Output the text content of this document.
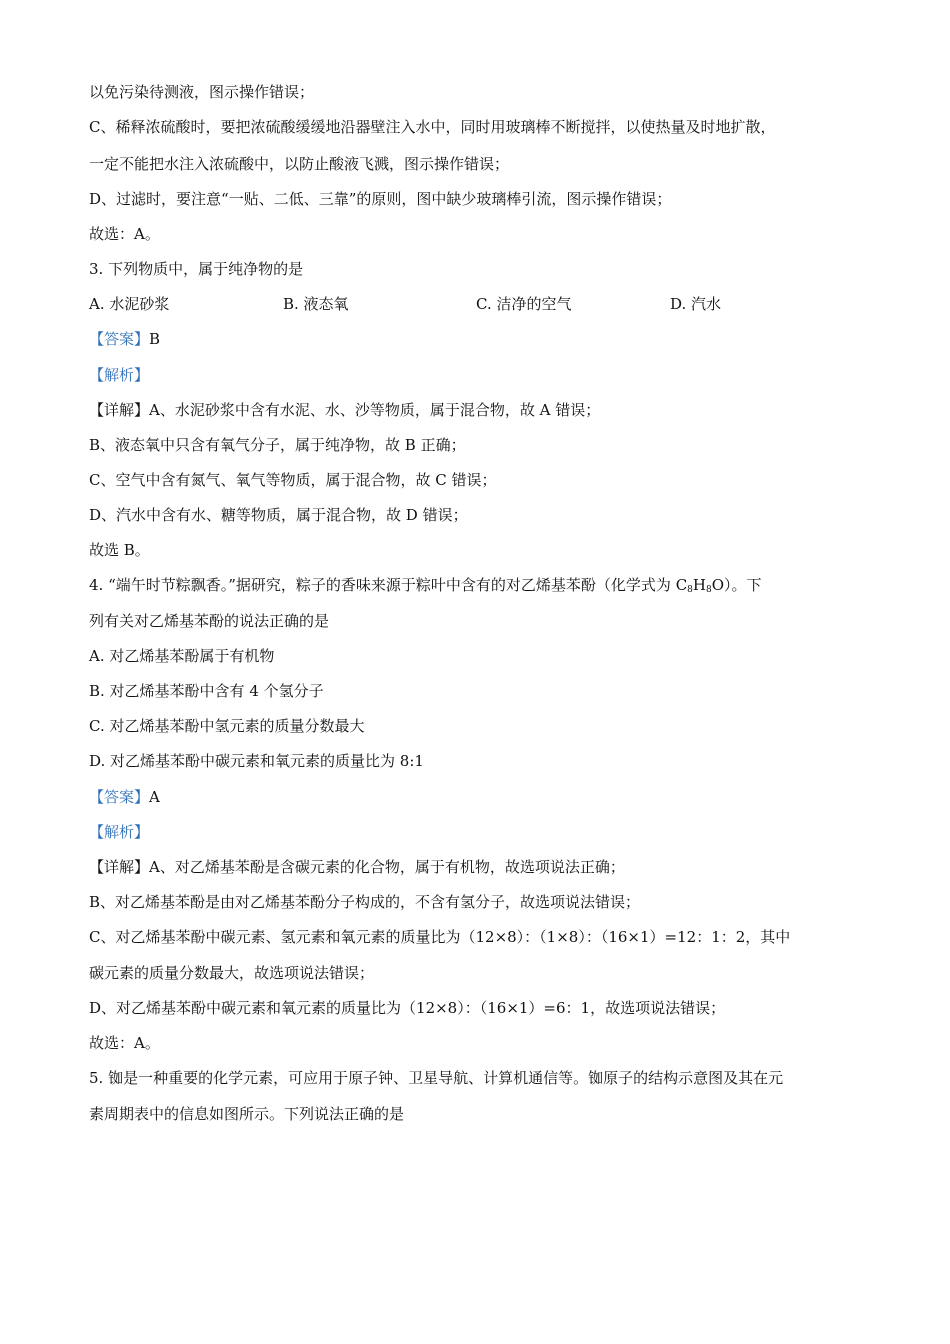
以免污染待测液，图示操作错误；
C、稀释浓硫酸时，要把浓硫酸缓缓地沿器壁注入水中，同时用玻璃棒不断搅拌，以使热量及时地扩散，
一定不能把水注入浓硫酸中，以防止酸液飞溅，图示操作错误；
D、过滤时，要注意“一贴、二低、三靠”的原则，图中缺少玻璃棒引流，图示操作错误；
故选：A。
3. 下列物质中，属于纯净物的是
A. 水泥砂浆	B. 液态氧	C. 洁净的空气	D. 汽水
【答案】B
【解析】
【详解】A、水泥砂浆中含有水泥、水、沙等物质，属于混合物，故 A 错误；
B、液态氧中只含有氧气分子，属于纯净物，故 B 正确；
C、空气中含有氮气、氧气等物质，属于混合物，故 C 错误；
D、汽水中含有水、糖等物质，属于混合物，故 D 错误；
故选 B。
4. “端午时节粽飘香。”据研究，粽子的香味来源于粽叶中含有的对乙烯基苯酚（化学式为 $C_8H_8O$）。下
列有关对乙烯基苯酚的说法正确的是
A. 对乙烯基苯酚属于有机物
B. 对乙烯基苯酚中含有 4 个氢分子
C. 对乙烯基苯酚中氢元素的质量分数最大
D. 对乙烯基苯酚中碳元素和氧元素的质量比为 8:1
【答案】A
【解析】
【详解】A、对乙烯基苯酚是含碳元素的化合物，属于有机物，故选项说法正确；
B、对乙烯基苯酚是由对乙烯基苯酚分子构成的，不含有氢分子，故选项说法错误；
C、对乙烯基苯酚中碳元素、氢元素和氧元素的质量比为（12×8）：（1×8）：（16×1）=12：1：2，其中
碳元素的质量分数最大，故选项说法错误；
D、对乙烯基苯酚中碳元素和氧元素的质量比为（12×8）：（16×1）=6：1，故选项说法错误；
故选：A。
5. 铷是一种重要的化学元素，可应用于原子钟、卫星导航、计算机通信等。铷原子的结构示意图及其在元
素周期表中的信息如图所示。下列说法正确的是
